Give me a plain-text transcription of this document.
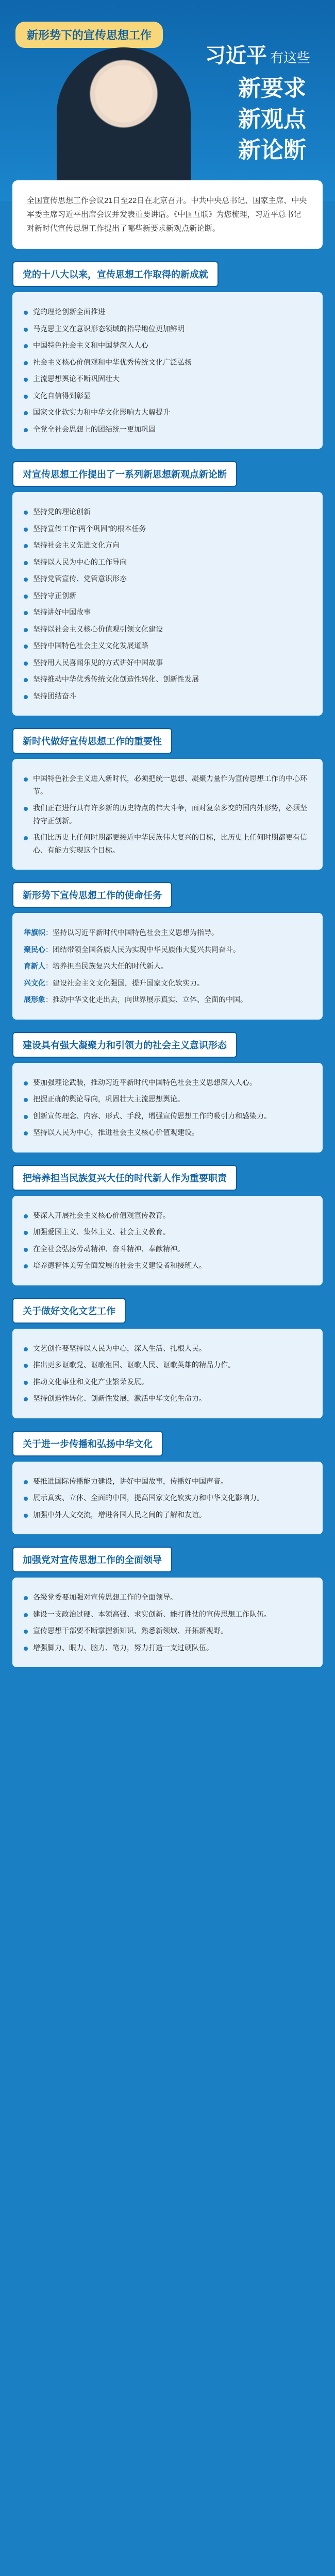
新形势下的宣传思想工作
习近平 有这些
新要求
新观点
新论断
全国宣传思想工作会议21日至22日在北京召开。中共中央总书记、国家主席、中央军委主席习近平出席会议并发表重要讲话。《中国互联》为您梳理，习近平总书记对新时代宣传思想工作提出了哪些新要求新观点新论断。
党的十八大以来，宣传思想工作取得的新成就
党的理论创新全面推进
马克思主义在意识形态领域的指导地位更加鲜明
中国特色社会主义和中国梦深入人心
社会主义核心价值观和中华优秀传统文化广泛弘扬
主流思想舆论不断巩固壮大
文化自信得到彰显
国家文化软实力和中华文化影响力大幅提升
全党全社会思想上的团结统一更加巩固
对宣传思想工作提出了一系列新思想新观点新论断
坚持党的理论创新
坚持宣传工作“两个巩固”的根本任务
坚持社会主义先进文化方向
坚持以人民为中心的工作导向
坚持党管宣传、党管意识形态
坚持守正创新
坚持讲好中国故事
坚持以社会主义核心价值观引领文化建设
坚持中国特色社会主义文化发展道路
坚持用人民喜闻乐见的方式讲好中国故事
坚持推动中华优秀传统文化创造性转化、创新性发展
坚持团结奋斗
新时代做好宣传思想工作的重要性
中国特色社会主义进入新时代，必须把统一思想、凝聚力量作为宣传思想工作的中心环节。
我们正在进行具有许多新的历史特点的伟大斗争，面对复杂多变的国内外形势，必须坚持守正创新。
我们比历史上任何时期都更接近中华民族伟大复兴的目标，比历史上任何时期都更有信心、有能力实现这个目标。
新形势下宣传思想工作的使命任务
举旗帜：坚持以习近平新时代中国特色社会主义思想为指导。
聚民心：团结带领全国各族人民为实现中华民族伟大复兴共同奋斗。
育新人：培养担当民族复兴大任的时代新人。
兴文化：建设社会主义文化强国，提升国家文化软实力。
展形象：推动中华文化走出去，向世界展示真实、立体、全面的中国。
建设具有强大凝聚力和引领力的社会主义意识形态
要加强理论武装，推动习近平新时代中国特色社会主义思想深入人心。
把握正确的舆论导向，巩固壮大主流思想舆论。
创新宣传理念、内容、形式、手段，增强宣传思想工作的吸引力和感染力。
坚持以人民为中心，推进社会主义核心价值观建设。
把培养担当民族复兴大任的时代新人作为重要职责
要深入开展社会主义核心价值观宣传教育。
加强爱国主义、集体主义、社会主义教育。
在全社会弘扬劳动精神、奋斗精神、奉献精神。
培养德智体美劳全面发展的社会主义建设者和接班人。
关于做好文化文艺工作
文艺创作要坚持以人民为中心，深入生活、扎根人民。
推出更多讴歌党、讴歌祖国、讴歌人民、讴歌英雄的精品力作。
推动文化事业和文化产业繁荣发展。
坚持创造性转化、创新性发展，激活中华文化生命力。
关于进一步传播和弘扬中华文化
要推进国际传播能力建设，讲好中国故事，传播好中国声音。
展示真实、立体、全面的中国，提高国家文化软实力和中华文化影响力。
加强中外人文交流，增进各国人民之间的了解和友谊。
加强党对宣传思想工作的全面领导
各级党委要加强对宣传思想工作的全面领导。
建设一支政治过硬、本领高强、求实创新、能打胜仗的宣传思想工作队伍。
宣传思想干部要不断掌握新知识、熟悉新领域、开拓新视野。
增强脚力、眼力、脑力、笔力，努力打造一支过硬队伍。
